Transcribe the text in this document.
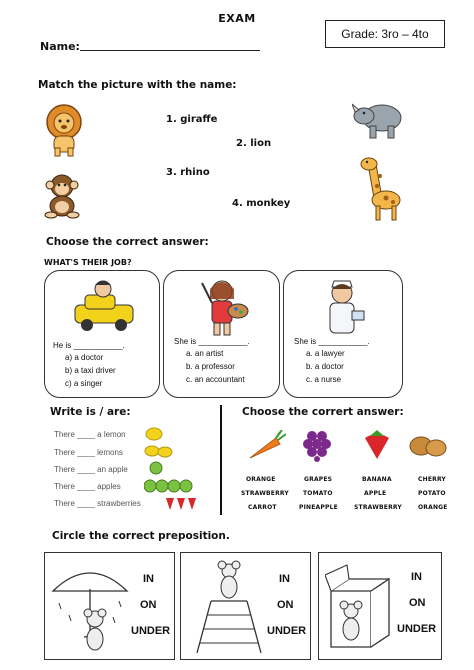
EXAM
Grade: 3ro – 4to
Name:
Match the picture with the name:
1. giraffe
2. lion
3. rhino
4. monkey
Choose the correct answer:
WHAT'S THEIR JOB?
He is ___________.
a) a doctor
b) a taxi driver
c) a singer
She is ___________.
a. an artist
b. a professor
c. an accountant
She is ___________.
a. a lawyer
b. a doctor
c. a nurse
Write is / are:
There ____ a lemon
There ____ lemons
There ____ an apple
There ____ apples
There ____ strawberries
Choose the corrert answer:
ORANGE
STRAWBERRY
CARROT
GRAPES
TOMATO
PINEAPPLE
BANANA
APPLE
STRAWBERRY
CHERRY
POTATO
ORANGE
Circle the correct preposition.
IN
ON
UNDER
IN
ON
UNDER
IN
ON
UNDER
